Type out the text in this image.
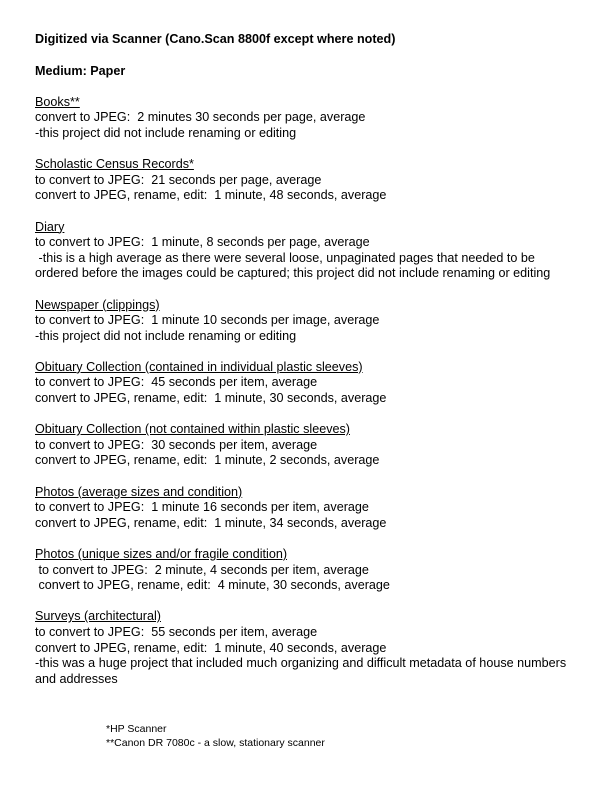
Digitized via Scanner (Cano.Scan 8800f except where noted)

Medium: Paper

Books**
convert to JPEG:  2 minutes 30 seconds per page, average
-this project did not include renaming or editing
Scholastic Census Records*
to convert to JPEG:  21 seconds per page, average
convert to JPEG, rename, edit:  1 minute, 48 seconds, average
Diary
to convert to JPEG:  1 minute, 8 seconds per page, average
-this is a high average as there were several loose, unpaginated pages that needed to be ordered before the images could be captured; this project did not include renaming or editing
Newspaper (clippings)
to convert to JPEG:  1 minute 10 seconds per image, average
-this project did not include renaming or editing
Obituary Collection (contained in individual plastic sleeves)
to convert to JPEG:  45 seconds per item, average
convert to JPEG, rename, edit:  1 minute, 30 seconds, average
Obituary Collection (not contained within plastic sleeves)
to convert to JPEG:  30 seconds per item, average
convert to JPEG, rename, edit:  1 minute, 2 seconds, average
Photos (average sizes and condition)
to convert to JPEG:  1 minute 16 seconds per item, average
convert to JPEG, rename, edit:  1 minute, 34 seconds, average
Photos (unique sizes and/or fragile condition)
to convert to JPEG:  2 minute, 4 seconds per item, average
convert to JPEG, rename, edit:  4 minute, 30 seconds, average
Surveys (architectural)
to convert to JPEG:  55 seconds per item, average
convert to JPEG, rename, edit:  1 minute, 40 seconds, average
-this was a huge project that included much organizing and difficult metadata of house numbers and addresses
*HP Scanner
**Canon DR 7080c - a slow, stationary scanner
